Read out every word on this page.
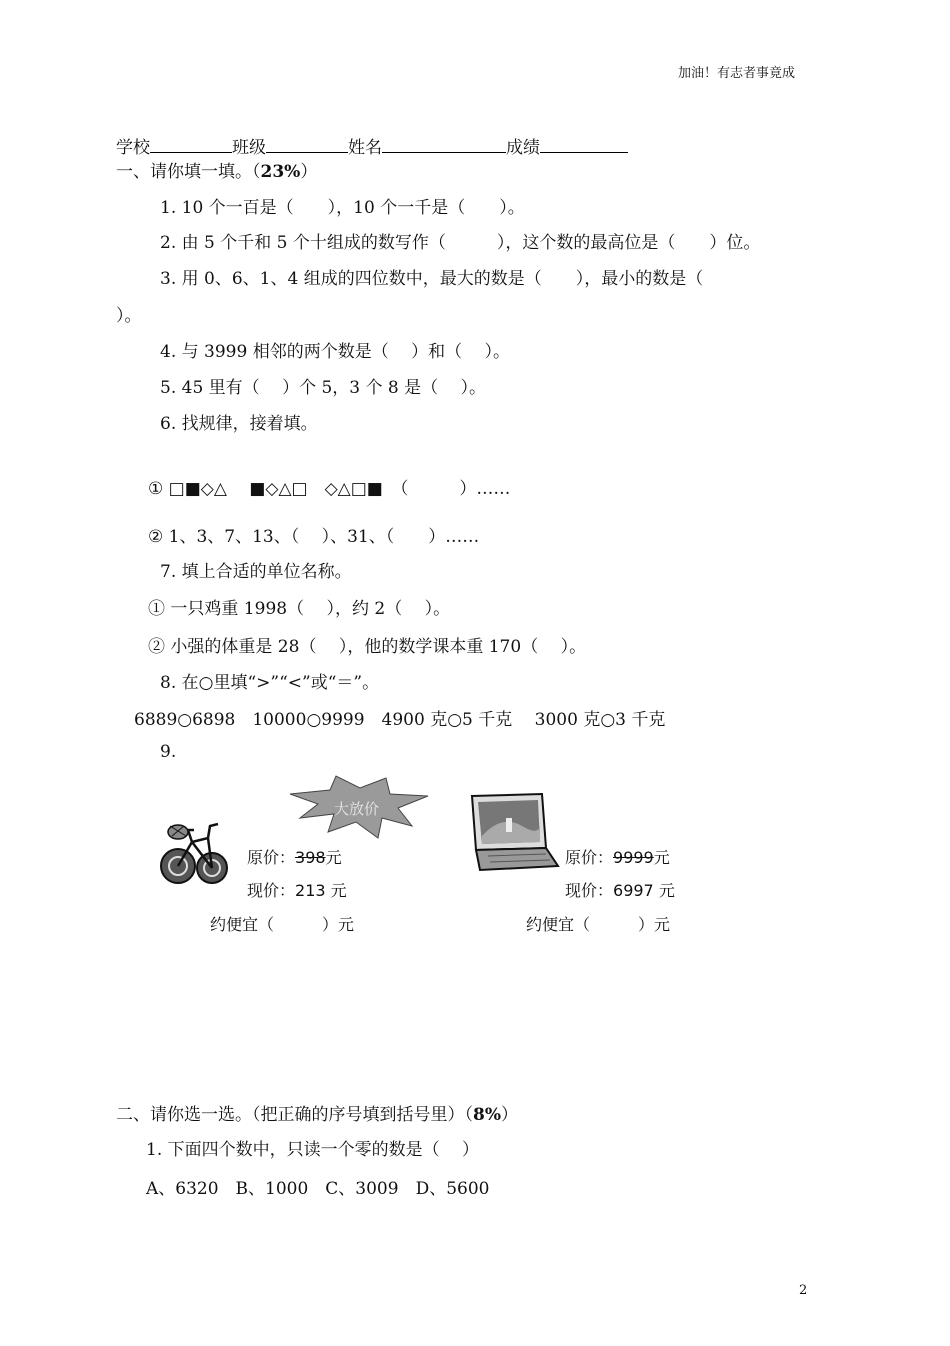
加油！有志者事竟成
学校	班级	姓名	成绩
一、请你填一填。（23%）
1. 10 个一百是（　　），10 个一千是（　　）。
2. 由 5 个千和 5 个十组成的数写作（　　　），这个数的最高位是（　　）位。
3. 用 0、6、1、4 组成的四位数中，最大的数是（　　），最小的数是（
）。
4. 与 3999 相邻的两个数是（　 ）和（　 ）。
5. 45 里有（　 ）个 5，3 个 8 是（　 ）。
6. 找规律，接着填。
① □■◇△　 ■◇△□　◇△□■　（　　　）……
② 1、3、7、13、（　 ）、31、（　　）……
7. 填上合适的单位名称。
① 一只鸡重 1998（　 ），约 2（　 ）。
② 小强的体重是 28（　 ），他的数学课本重 170（　 ）。
8. 在○里填“>”“<”或“＝”。
6889○6898　10000○9999　4900 克○5 千克　 3000 克○3 千克
9.
大放价
原价：398元
现价：213 元
约便宜（　　　）元
原价：9999元
现价：6997 元
约便宜（　　　）元
二、请你选一选。（把正确的序号填到括号里）（8%）
1. 下面四个数中，只读一个零的数是（　 ）
A、6320　B、1000　C、3009　D、5600
2
